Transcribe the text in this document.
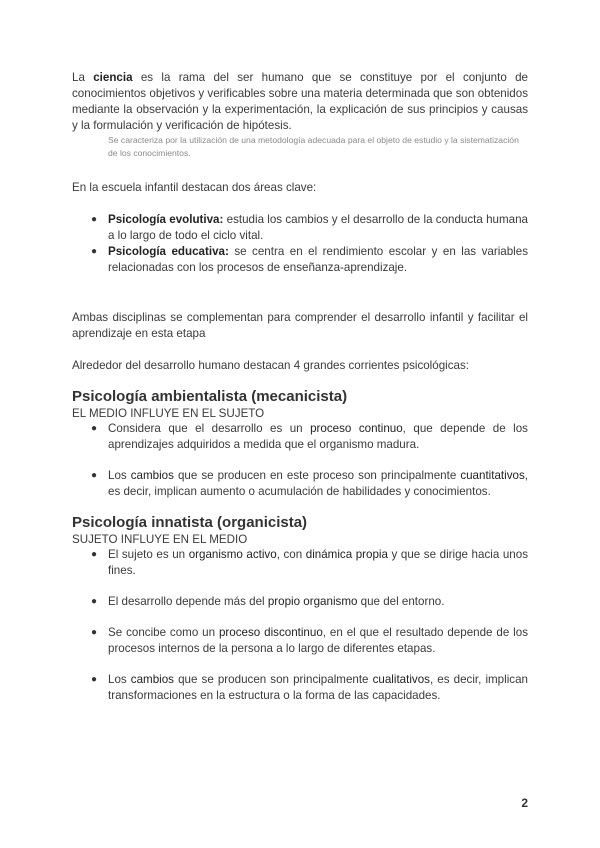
La ciencia es la rama del ser humano que se constituye por el conjunto de conocimientos objetivos y verificables sobre una materia determinada que son obtenidos mediante la observación y la experimentación, la explicación de sus principios y causas y la formulación y verificación de hipótesis.

Se caracteriza por la utilización de una metodología adecuada para el objeto de estudio y la sistematización de los conocimientos.

En la escuela infantil destacan dos áreas clave:

● Psicología evolutiva: estudia los cambios y el desarrollo de la conducta humana a lo largo de todo el ciclo vital.
● Psicología educativa: se centra en el rendimiento escolar y en las variables relacionadas con los procesos de enseñanza-aprendizaje.

Ambas disciplinas se complementan para comprender el desarrollo infantil y facilitar el aprendizaje en esta etapa

Alrededor del desarrollo humano destacan 4 grandes corrientes psicológicas:

Psicología ambientalista (mecanicista)

EL MEDIO INFLUYE EN EL SUJETO

● Considera que el desarrollo es un proceso continuo, que depende de los aprendizajes adquiridos a medida que el organismo madura.
● Los cambios que se producen en este proceso son principalmente cuantitativos, es decir, implican aumento o acumulación de habilidades y conocimientos.
Psicología innatista (organicista)

SUJETO INFLUYE EN EL MEDIO

● El sujeto es un organismo activo, con dinámica propia y que se dirige hacia unos fines.
● El desarrollo depende más del propio organismo que del entorno.
● Se concibe como un proceso discontinuo, en el que el resultado depende de los procesos internos de la persona a lo largo de diferentes etapas.
● Los cambios que se producen son principalmente cualitativos, es decir, implican transformaciones en la estructura o la forma de las capacidades.
2
